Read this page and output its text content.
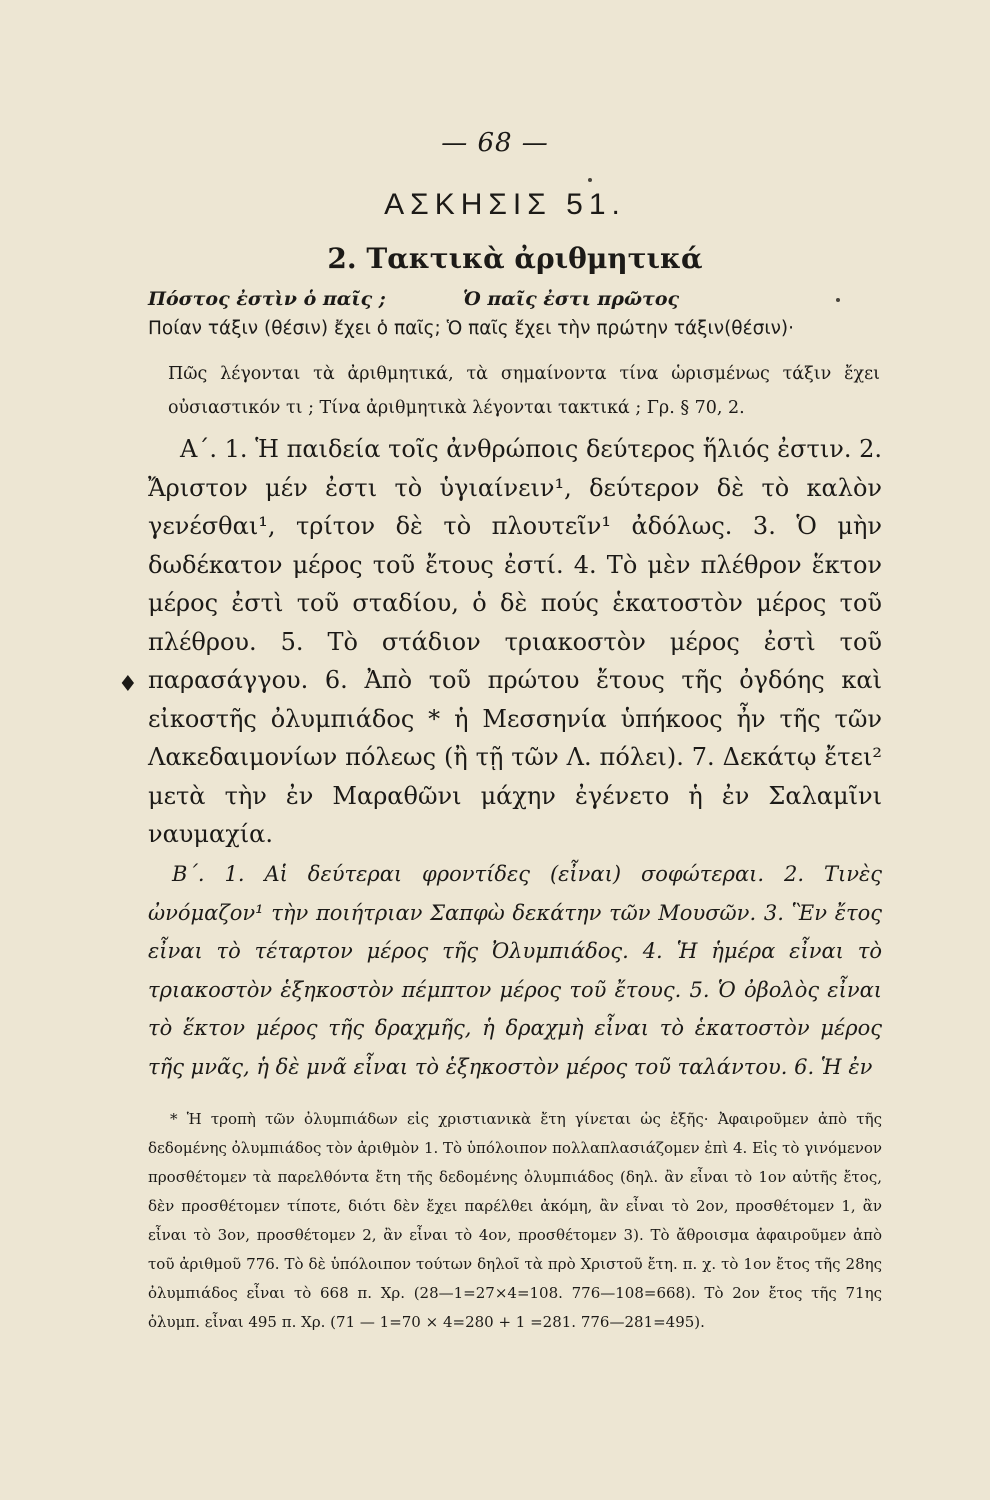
— 68 —
ΑΣΚΗΣΙΣ 51.
2. Τακτικὰ ἀριθμητικά
Πόστος ἐστὶν ὁ παῖς ;	Ὁ παῖς ἐστι πρῶτος
Ποίαν τάξιν (θέσιν) ἔχει ὁ παῖς; Ὁ παῖς ἔχει τὴν πρώτην τάξιν(θέσιν)·
Πῶς λέγονται τὰ ἀριθμητικά, τὰ σημαίνοντα τίνα ὡρισμένως τάξιν ἔχει οὐσιαστικόν τι ; Τίνα ἀριθμητικὰ λέγονται τακτικά ; Γρ. § 70, 2.
Α΄. 1. Ἡ παιδεία τοῖς ἀνθρώποις δεύτερος ἥλιός ἐστιν. 2. Ἄριστον μέν ἐστι τὸ ὑγιαίνειν¹, δεύτερον δὲ τὸ καλὸν γενέσθαι¹, τρίτον δὲ τὸ πλουτεῖν¹ ἀδόλως. 3. Ὁ μὴν δωδέκατον μέρος τοῦ ἔτους ἐστί. 4. Τὸ μὲν πλέθρον ἕκτον μέρος ἐστὶ τοῦ σταδίου, ὁ δὲ πούς ἑκατοστὸν μέρος τοῦ πλέθρου. 5. Τὸ στάδιον τριακοστὸν μέρος ἐστὶ τοῦ παρασάγγου. 6. Ἀπὸ τοῦ πρώτου ἔτους τῆς ὀγδόης καὶ εἰκοστῆς ὀλυμπιάδος * ἡ Μεσσηνία ὑπήκοος ἦν τῆς τῶν Λακεδαιμονίων πόλεως (ἢ τῇ τῶν Λ. πόλει). 7. Δεκάτῳ ἔτει² μετὰ τὴν ἐν Μαραθῶνι μάχην ἐγένετο ἡ ἐν Σαλαμῖνι ναυμαχία.
♦
Β΄. 1. Αἱ δεύτεραι φροντίδες (εἶναι) σοφώτεραι. 2. Τινὲς ὠνόμαζον¹ τὴν ποιήτριαν Σαπφὼ δεκάτην τῶν Μουσῶν. 3. Ἓν ἔτος εἶναι τὸ τέταρτον μέρος τῆς Ὀλυμπιάδος. 4. Ἡ ἡμέρα εἶναι τὸ τριακοστὸν ἑξηκοστὸν πέμπτον μέρος τοῦ ἔτους. 5. Ὁ ὀβολὸς εἶναι τὸ ἕκτον μέρος τῆς δραχμῆς, ἡ δραχμὴ εἶναι τὸ ἑκατοστὸν μέρος τῆς μνᾶς, ἡ δὲ μνᾶ εἶναι τὸ ἑξηκοστὸν μέρος τοῦ ταλάντου. 6. Ἡ ἐν
* Ἡ τροπὴ τῶν ὀλυμπιάδων εἰς χριστιανικὰ ἔτη γίνεται ὡς ἑξῆς· Ἀφαιροῦμεν ἀπὸ τῆς δεδομένης ὀλυμπιάδος τὸν ἀριθμὸν 1. Τὸ ὑπόλοιπον πολλαπλασιάζομεν ἐπὶ 4. Εἰς τὸ γινόμενον προσθέτομεν τὰ παρελθόντα ἔτη τῆς δεδομένης ὀλυμπιάδος (δηλ. ἂν εἶναι τὸ 1ον αὐτῆς ἔτος, δὲν προσθέτομεν τίποτε, διότι δὲν ἔχει παρέλθει ἀκόμη, ἂν εἶναι τὸ 2ον, προσθέτομεν 1, ἂν εἶναι τὸ 3ον, προσθέτομεν 2, ἂν εἶναι τὸ 4ον, προσθέτομεν 3). Τὸ ἄθροισμα ἀφαιροῦμεν ἀπὸ τοῦ ἀριθμοῦ 776. Τὸ δὲ ὑπόλοιπον τούτων δηλοῖ τὰ πρὸ Χριστοῦ ἔτη. π. χ. τὸ 1ον ἔτος τῆς 28ης ὀλυμπιάδος εἶναι τὸ 668 π. Χρ. (28—1=27×4=108. 776—108=668). Τὸ 2ον ἔτος τῆς 71ης ὀλυμπ. εἶναι 495 π. Χρ. (71 — 1=70 × 4=280 + 1 =281. 776—281=495).
